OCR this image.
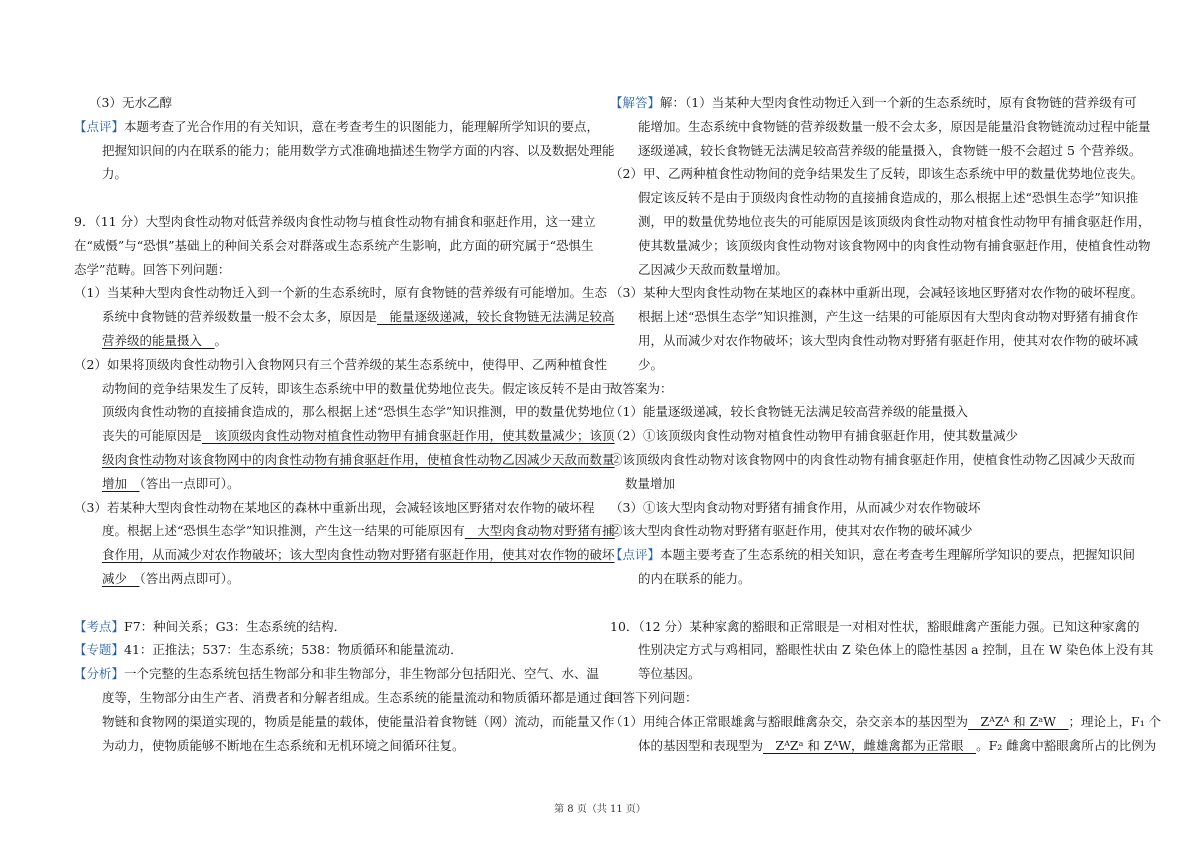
（3）无水乙醇
【点评】本题考查了光合作用的有关知识，意在考查考生的识图能力，能理解所学知识的要点，
把握知识间的内在联系的能力；能用数学方式准确地描述生物学方面的内容、以及数据处理能
力。
9．（11 分）大型肉食性动物对低营养级肉食性动物与植食性动物有捕食和驱赶作用，这一建立
在“威慑”与“恐惧”基础上的种间关系会对群落或生态系统产生影响，此方面的研究属于“恐惧生
态学”范畴。回答下列问题：
（1）当某种大型肉食性动物迁入到一个新的生态系统时，原有食物链的营养级有可能增加。生态
系统中食物链的营养级数量一般不会太多，原因是　能量逐级递减，较长食物链无法满足较高
营养级的能量摄入　。
（2）如果将顶级肉食性动物引入食物网只有三个营养级的某生态系统中，使得甲、乙两种植食性
动物间的竞争结果发生了反转，即该生态系统中甲的数量优势地位丧失。假定该反转不是由于
顶级肉食性动物的直接捕食造成的，那么根据上述“恐惧生态学”知识推测，甲的数量优势地位
丧失的可能原因是　该顶级肉食性动物对植食性动物甲有捕食驱赶作用，使其数量减少；该顶
级肉食性动物对该食物网中的肉食性动物有捕食驱赶作用，使植食性动物乙因减少天敌而数量
增加　（答出一点即可）。
（3）若某种大型肉食性动物在某地区的森林中重新出现，会减轻该地区野猪对农作物的破坏程
度。根据上述“恐惧生态学”知识推测，产生这一结果的可能原因有　大型肉食动物对野猪有捕
食作用，从而减少对农作物破坏；该大型肉食性动物对野猪有驱赶作用，使其对农作物的破坏
减少　（答出两点即可）。
【考点】F7：种间关系；G3：生态系统的结构．
【专题】41：正推法；537：生态系统；538：物质循环和能量流动．
【分析】一个完整的生态系统包括生物部分和非生物部分，非生物部分包括阳光、空气、水、温
度等，生物部分由生产者、消费者和分解者组成。生态系统的能量流动和物质循环都是通过食
物链和食物网的渠道实现的，物质是能量的载体，使能量沿着食物链（网）流动，而能量又作
为动力，使物质能够不断地在生态系统和无机环境之间循环往复。
【解答】解：（1）当某种大型肉食性动物迁入到一个新的生态系统时，原有食物链的营养级有可
能增加。生态系统中食物链的营养级数量一般不会太多，原因是能量沿食物链流动过程中能量
逐级递减，较长食物链无法满足较高营养级的能量摄入，食物链一般不会超过 5 个营养级。
（2）甲、乙两种植食性动物间的竞争结果发生了反转，即该生态系统中甲的数量优势地位丧失。
假定该反转不是由于顶级肉食性动物的直接捕食造成的，那么根据上述“恐惧生态学”知识推
测，甲的数量优势地位丧失的可能原因是该顶级肉食性动物对植食性动物甲有捕食驱赶作用，
使其数量减少；该顶级肉食性动物对该食物网中的肉食性动物有捕食驱赶作用，使植食性动物
乙因减少天敌而数量增加。
（3）某种大型肉食性动物在某地区的森林中重新出现，会减轻该地区野猪对农作物的破坏程度。
根据上述“恐惧生态学”知识推测，产生这一结果的可能原因有大型肉食动物对野猪有捕食作
用，从而减少对农作物破坏；该大型肉食性动物对野猪有驱赶作用，使其对农作物的破坏减
少。
故答案为：
（1）能量逐级递减，较长食物链无法满足较高营养级的能量摄入
（2）①该顶级肉食性动物对植食性动物甲有捕食驱赶作用，使其数量减少
②该顶级肉食性动物对该食物网中的肉食性动物有捕食驱赶作用，使植食性动物乙因减少天敌而
数量增加
（3）①该大型肉食动物对野猪有捕食作用，从而减少对农作物破坏
②该大型肉食性动物对野猪有驱赶作用，使其对农作物的破坏减少
【点评】本题主要考查了生态系统的相关知识，意在考查考生理解所学知识的要点，把握知识间
的内在联系的能力。
10．（12 分）某种家禽的豁眼和正常眼是一对相对性状，豁眼雌禽产蛋能力强。已知这种家禽的
性别决定方式与鸡相同，豁眼性状由 Z 染色体上的隐性基因 a 控制，且在 W 染色体上没有其
等位基因。
回答下列问题：
（1）用纯合体正常眼雄禽与豁眼雌禽杂交，杂交亲本的基因型为　ZᴬZᴬ 和 ZᵃW　；理论上，F₁ 个
体的基因型和表现型为　ZᴬZᵃ 和 ZᴬW，雌雄禽都为正常眼　。F₂ 雌禽中豁眼禽所占的比例为
第 8 页（共 11 页）
